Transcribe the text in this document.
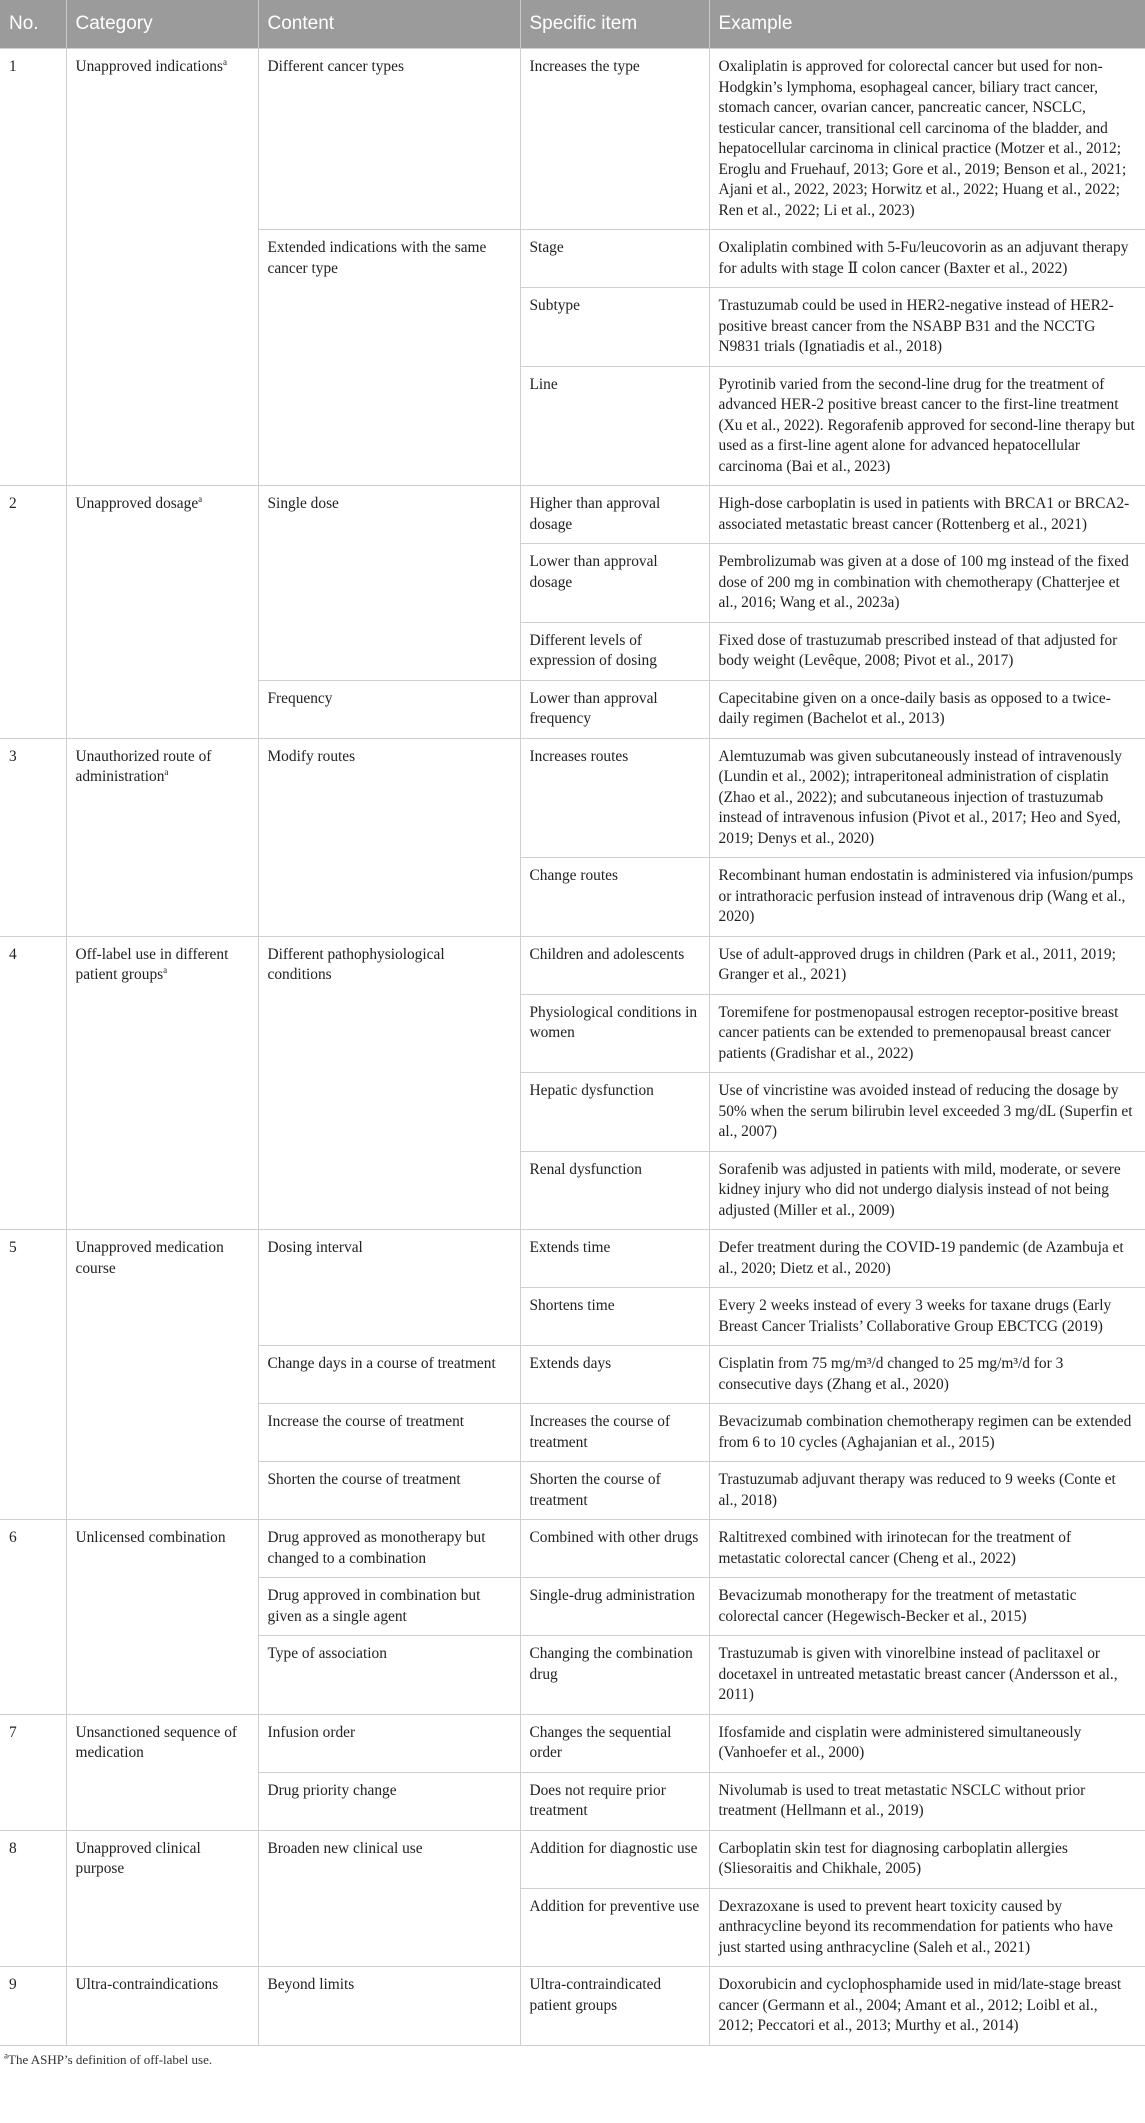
No.	Category	Content	Specific item	Example
1	Unapproved indications$^a$	Different cancer types	Increases the type	Oxaliplatin is approved for colorectal cancer but used for non-Hodgkin’s lymphoma, esophageal cancer, biliary tract cancer, stomach cancer, ovarian cancer, pancreatic cancer, NSCLC, testicular cancer, transitional cell carcinoma of the bladder, and hepatocellular carcinoma in clinical practice (Motzer et al., 2012; Eroglu and Fruehauf, 2013; Gore et al., 2019; Benson et al., 2021; Ajani et al., 2022, 2023; Horwitz et al., 2022; Huang et al., 2022; Ren et al., 2022; Li et al., 2023)
		Extended indications with the same cancer type	Stage	Oxaliplatin combined with 5-Fu/leucovorin as an adjuvant therapy for adults with stage Ⅱ colon cancer (Baxter et al., 2022)
			Subtype	Trastuzumab could be used in HER2-negative instead of HER2-positive breast cancer from the NSABP B31 and the NCCTG N9831 trials (Ignatiadis et al., 2018)
			Line	Pyrotinib varied from the second-line drug for the treatment of advanced HER-2 positive breast cancer to the first-line treatment (Xu et al., 2022). Regorafenib approved for second-line therapy but used as a first-line agent alone for advanced hepatocellular carcinoma (Bai et al., 2023)
2	Unapproved dosage$^a$	Single dose	Higher than approval dosage	High-dose carboplatin is used in patients with BRCA1 or BRCA2-associated metastatic breast cancer (Rottenberg et al., 2021)
			Lower than approval dosage	Pembrolizumab was given at a dose of 100 mg instead of the fixed dose of 200 mg in combination with chemotherapy (Chatterjee et al., 2016; Wang et al., 2023a)
			Different levels of expression of dosing	Fixed dose of trastuzumab prescribed instead of that adjusted for body weight (Levêque, 2008; Pivot et al., 2017)
		Frequency	Lower than approval frequency	Capecitabine given on a once-daily basis as opposed to a twice-daily regimen (Bachelot et al., 2013)
3	Unauthorized route of administration$^a$	Modify routes	Increases routes	Alemtuzumab was given subcutaneously instead of intravenously (Lundin et al., 2002); intraperitoneal administration of cisplatin (Zhao et al., 2022); and subcutaneous injection of trastuzumab instead of intravenous infusion (Pivot et al., 2017; Heo and Syed, 2019; Denys et al., 2020)
			Change routes	Recombinant human endostatin is administered via infusion/pumps or intrathoracic perfusion instead of intravenous drip (Wang et al., 2020)
4	Off-label use in different patient groups$^a$	Different pathophysiological conditions	Children and adolescents	Use of adult-approved drugs in children (Park et al., 2011, 2019; Granger et al., 2021)
			Physiological conditions in women	Toremifene for postmenopausal estrogen receptor-positive breast cancer patients can be extended to premenopausal breast cancer patients (Gradishar et al., 2022)
			Hepatic dysfunction	Use of vincristine was avoided instead of reducing the dosage by 50% when the serum bilirubin level exceeded 3 mg/dL (Superfin et al., 2007)
			Renal dysfunction	Sorafenib was adjusted in patients with mild, moderate, or severe kidney injury who did not undergo dialysis instead of not being adjusted (Miller et al., 2009)
5	Unapproved medication course	Dosing interval	Extends time	Defer treatment during the COVID-19 pandemic (de Azambuja et al., 2020; Dietz et al., 2020)
			Shortens time	Every 2 weeks instead of every 3 weeks for taxane drugs (Early Breast Cancer Trialists’ Collaborative Group EBCTCG (2019)
		Change days in a course of treatment	Extends days	Cisplatin from 75 mg/m³/d changed to 25 mg/m³/d for 3 consecutive days (Zhang et al., 2020)
		Increase the course of treatment	Increases the course of treatment	Bevacizumab combination chemotherapy regimen can be extended from 6 to 10 cycles (Aghajanian et al., 2015)
		Shorten the course of treatment	Shorten the course of treatment	Trastuzumab adjuvant therapy was reduced to 9 weeks (Conte et al., 2018)
6	Unlicensed combination	Drug approved as monotherapy but changed to a combination	Combined with other drugs	Raltitrexed combined with irinotecan for the treatment of metastatic colorectal cancer (Cheng et al., 2022)
		Drug approved in combination but given as a single agent	Single-drug administration	Bevacizumab monotherapy for the treatment of metastatic colorectal cancer (Hegewisch-Becker et al., 2015)
		Type of association	Changing the combination drug	Trastuzumab is given with vinorelbine instead of paclitaxel or docetaxel in untreated metastatic breast cancer (Andersson et al., 2011)
7	Unsanctioned sequence of medication	Infusion order	Changes the sequential order	Ifosfamide and cisplatin were administered simultaneously (Vanhoefer et al., 2000)
		Drug priority change	Does not require prior treatment	Nivolumab is used to treat metastatic NSCLC without prior treatment (Hellmann et al., 2019)
8	Unapproved clinical purpose	Broaden new clinical use	Addition for diagnostic use	Carboplatin skin test for diagnosing carboplatin allergies (Sliesoraitis and Chikhale, 2005)
			Addition for preventive use	Dexrazoxane is used to prevent heart toxicity caused by anthracycline beyond its recommendation for patients who have just started using anthracycline (Saleh et al., 2021)
9	Ultra-contraindications	Beyond limits	Ultra-contraindicated patient groups	Doxorubicin and cyclophosphamide used in mid/late-stage breast cancer (Germann et al., 2004; Amant et al., 2012; Loibl et al., 2012; Peccatori et al., 2013; Murthy et al., 2014)
$^a$The ASHP’s definition of off-label use.
